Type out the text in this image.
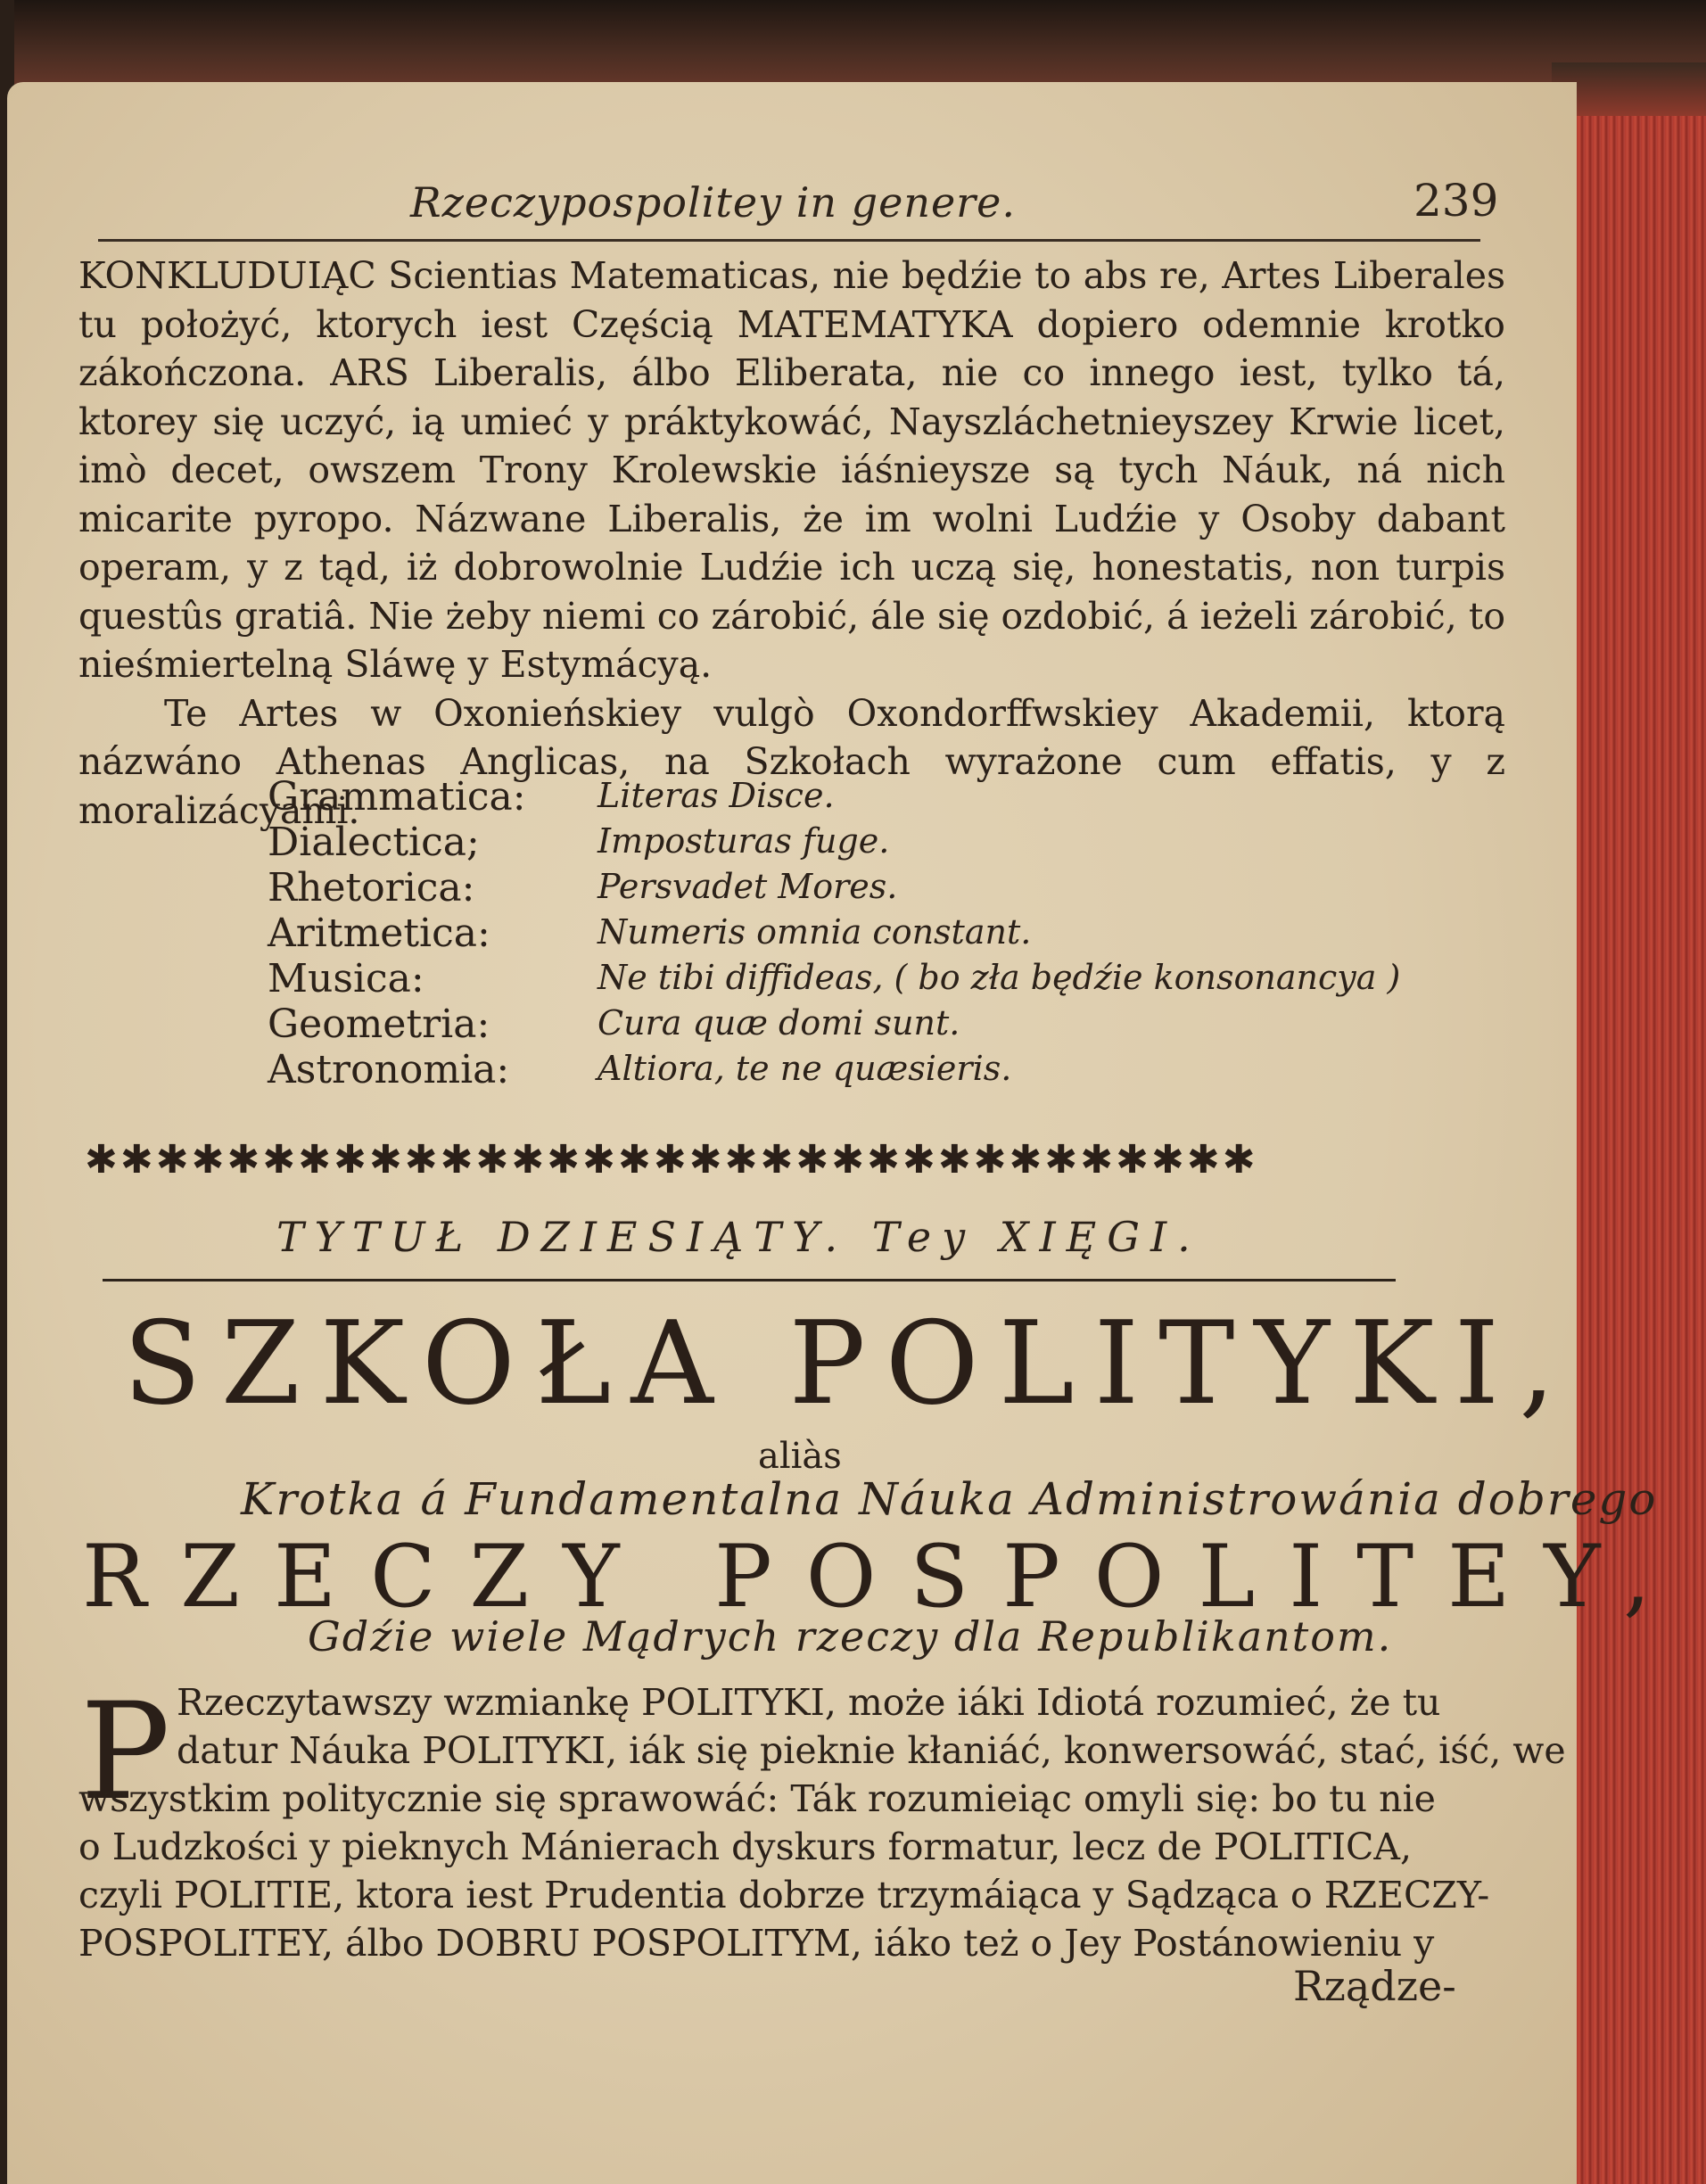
Rzeczypospolitey in genere.	239

KONKLUDUIĄC Scientias Matematicas, nie będźie to abs re, Artes Liberales tu położyć, ktorych iest Częścią MATEMATYKA dopiero odemnie krotko zákończona. ARS Liberalis, álbo Eliberata, nie co innego iest, tylko tá, ktorey się uczyć, ią umieć y práktykowáć, Nayszláchetnieyszey Krwie licet, imò decet, owszem Trony Krolewskie iáśnieysze są tych Náuk, ná nich micarite pyropo. Názwane Liberalis, że im wolni Ludźie y Osoby dabant operam, y z tąd, iż dobrowolnie Ludźie ich uczą się, honestatis, non turpis questûs gratiâ. Nie żeby niemi co zárobić, ále się ozdobić, á ieżeli zárobić, to nieśmiertelną Sláwę y Estymácyą.

Te Artes w Oxonieńskiey vulgò Oxondorffwskiey Akademii, ktorą názwáno Athenas Anglicas, na Szkołach wyrażone cum effatis, y z moralizácyami.

Grammatica: Literas Disce.
Dialectica;	Imposturas fuge.
Rhetorica:	Persvadet Mores.
Aritmetica:	Numeris omnia constant.
Musica:	Ne tibi diffideas, ( bo zła będźie konsonancya )
Geometria:	Cura quæ domi sunt.
Astronomia:	Altiora, te ne quæsieris.
✱✱✱✱✱✱✱✱✱✱✱✱✱✱✱✱✱✱✱✱✱✱✱✱✱✱✱✱✱✱✱✱✱
TYTUŁ DZIESIĄTY. Tey XIĘGI.
SZKOŁA POLITYKI,
aliàs
Krotka á Fundamentalna Náuka Administrowánia dobrego
RZECZY POSPOLITEY,
Gdźie wiele Mądrych rzeczy dla Republikantom.
P Rzeczytawszy wzmiankę POLITYKI, może iáki Idiotá rozumieć, że tu
datur Náuka POLITYKI, iák się pieknie kłaniáć, konwersowáć, stać, iść, we
wszystkim politycznie się sprawowáć: Ták rozumieiąc omyli się: bo tu nie
o Ludzkości y pieknych Mánierach dyskurs formatur, lecz de POLITICA,
czyli POLITIE, ktora iest Prudentia dobrze trzymáiąca y Sądząca o RZECZY-
POSPOLITEY, álbo DOBRU POSPOLITYM, iáko też o Jey Postánowieniu y
Rządze-
